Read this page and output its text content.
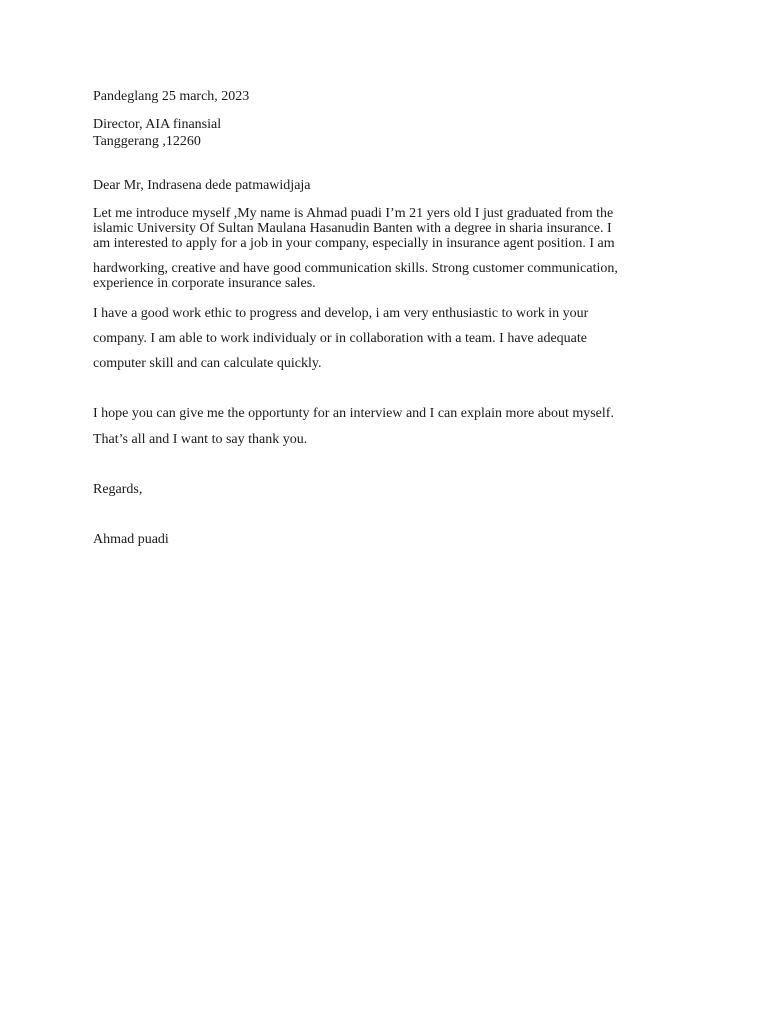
Pandeglang 25 march, 2023
Director, AIA finansial
Tanggerang ,12260
Dear Mr, Indrasena dede patmawidjaja
Let me introduce myself ,My name is Ahmad puadi I’m 21 yers old I just graduated from the
islamic University Of Sultan Maulana Hasanudin Banten with a degree in sharia insurance. I
am interested to apply for a job in your company, especially in insurance agent position. I am
hardworking, creative and have good communication skills. Strong customer communication,
experience in corporate insurance sales.
I have a good work ethic to progress and develop, i am very enthusiastic to work in your
company. I am able to work individualy or in collaboration with a team. I have adequate
computer skill and can calculate quickly.
I hope you can give me the opportunty for an interview and I can explain more about myself.
That’s all and I want to say thank you.
Regards,
Ahmad puadi
